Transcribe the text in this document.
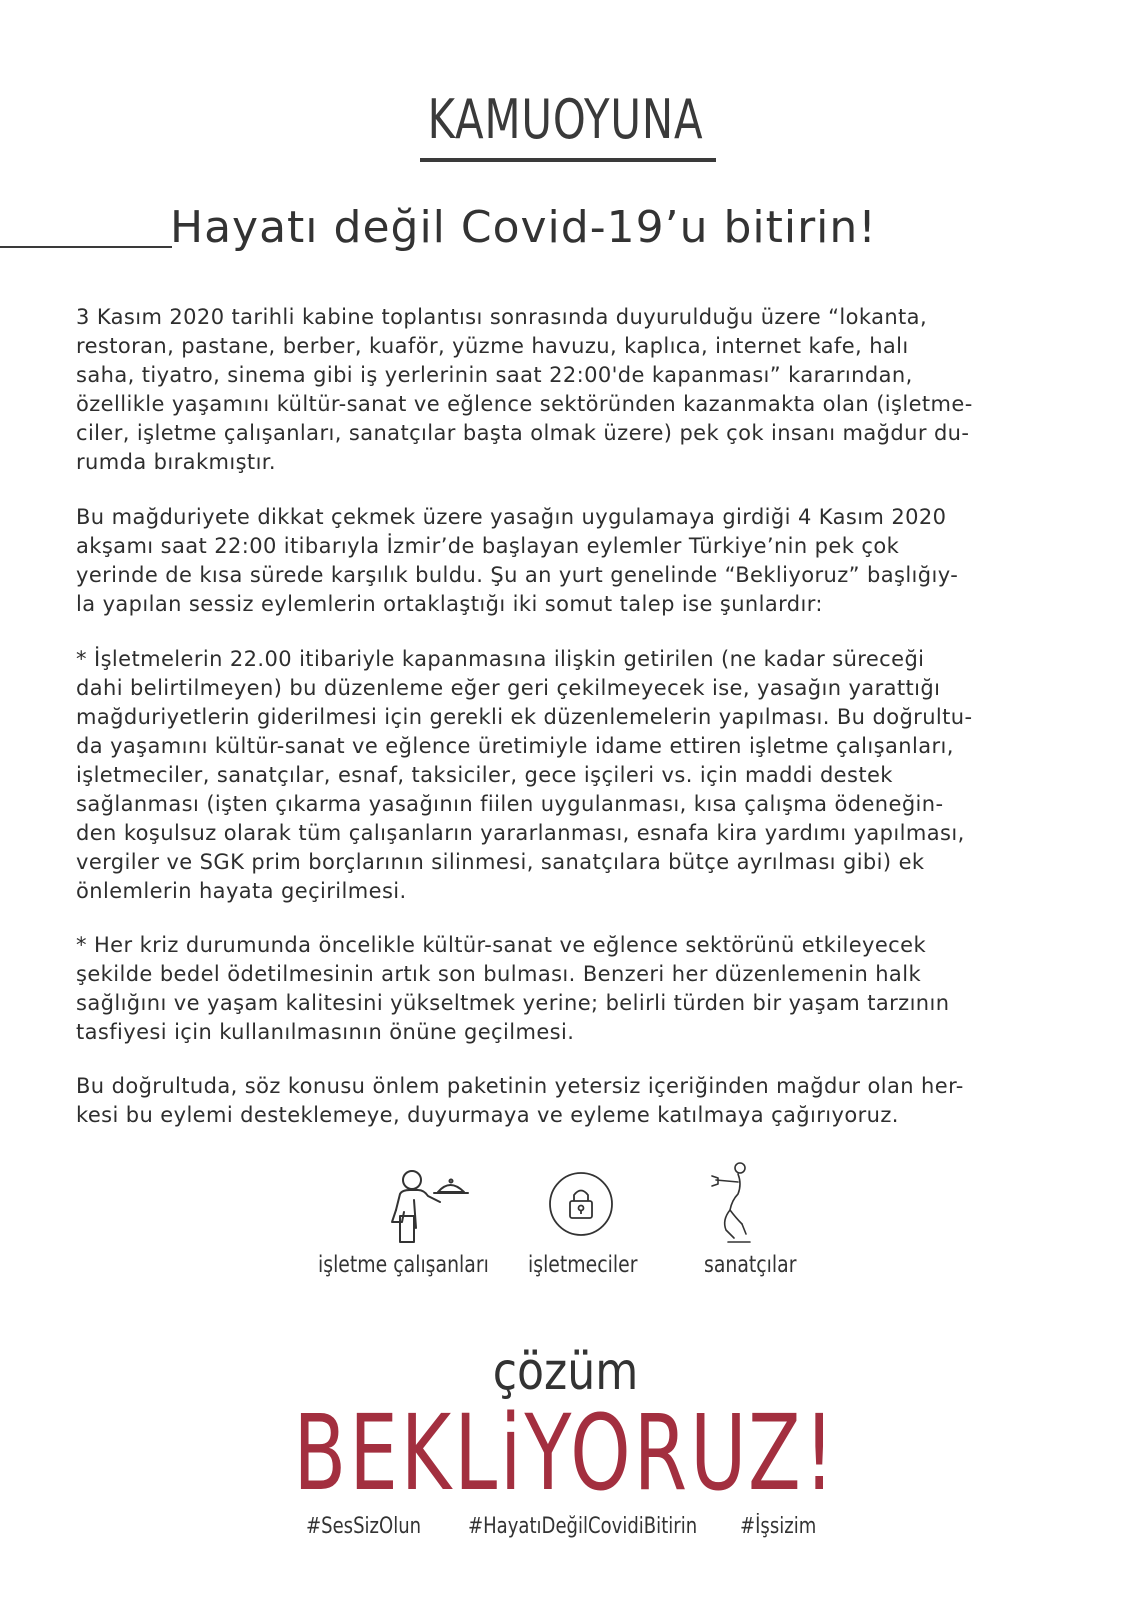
KAMUOYUNA
Hayatı değil Covid-19’u bitirin!
3 Kasım 2020 tarihli kabine toplantısı sonrasında duyurulduğu üzere “lokanta,
restoran, pastane, berber, kuaför, yüzme havuzu, kaplıca, internet kafe, halı
saha, tiyatro, sinema gibi iş yerlerinin saat 22:00'de kapanması” kararından,
özellikle yaşamını kültür-sanat ve eğlence sektöründen kazanmakta olan (işletme-
ciler, işletme çalışanları, sanatçılar başta olmak üzere) pek çok insanı mağdur du-
rumda bırakmıştır.
Bu mağduriyete dikkat çekmek üzere yasağın uygulamaya girdiği 4 Kasım 2020
akşamı saat 22:00 itibarıyla İzmir’de başlayan eylemler Türkiye’nin pek çok
yerinde de kısa sürede karşılık buldu. Şu an yurt genelinde “Bekliyoruz” başlığıy-
la yapılan sessiz eylemlerin ortaklaştığı iki somut talep ise şunlardır:
* İşletmelerin 22.00 itibariyle kapanmasına ilişkin getirilen (ne kadar süreceği
dahi belirtilmeyen) bu düzenleme eğer geri çekilmeyecek ise, yasağın yarattığı
mağduriyetlerin giderilmesi için gerekli ek düzenlemelerin yapılması. Bu doğrultu-
da yaşamını kültür-sanat ve eğlence üretimiyle idame ettiren işletme çalışanları,
işletmeciler, sanatçılar, esnaf, taksiciler, gece işçileri vs. için maddi destek
sağlanması (işten çıkarma yasağının fiilen uygulanması, kısa çalışma ödeneğin-
den koşulsuz olarak tüm çalışanların yararlanması, esnafa kira yardımı yapılması,
vergiler ve SGK prim borçlarının silinmesi, sanatçılara bütçe ayrılması gibi) ek
önlemlerin hayata geçirilmesi.
* Her kriz durumunda öncelikle kültür-sanat ve eğlence sektörünü etkileyecek
şekilde bedel ödetilmesinin artık son bulması. Benzeri her düzenlemenin halk
sağlığını ve yaşam kalitesini yükseltmek yerine; belirli türden bir yaşam tarzının
tasfiyesi için kullanılmasının önüne geçilmesi.
Bu doğrultuda, söz konusu önlem paketinin yetersiz içeriğinden mağdur olan her-
kesi bu eylemi desteklemeye, duyurmaya ve eyleme katılmaya çağırıyoruz.
işletme çalışanları işletmeciler	sanatçılar
çözüm
BEKLiYORUZ!
#SesSizOlun #HayatıDeğilCovidiBitirin #İşsizim
